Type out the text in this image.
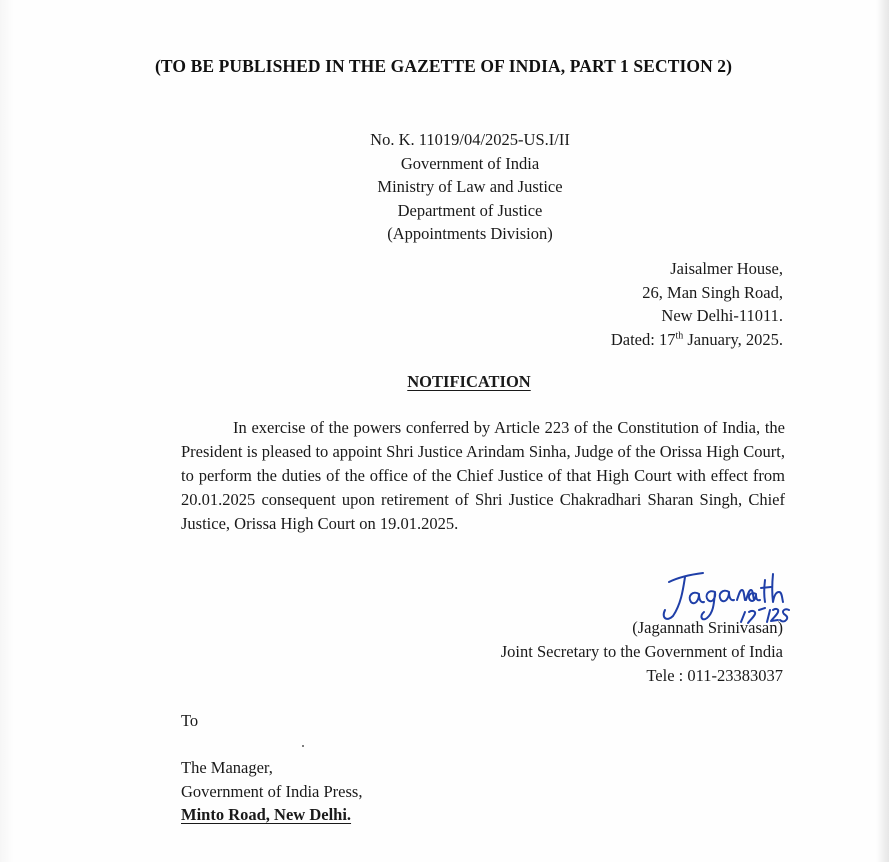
(TO BE PUBLISHED IN THE GAZETTE OF INDIA, PART 1 SECTION 2)
No. K. 11019/04/2025-US.I/II
Government of India
Ministry of Law and Justice
Department of Justice
(Appointments Division)
Jaisalmer House,
26, Man Singh Road,
New Delhi-11011.
Dated: 17th January, 2025.
NOTIFICATION
In exercise of the powers conferred by Article 223 of the Constitution of India, the President is pleased to appoint Shri Justice Arindam Sinha, Judge of the Orissa High Court, to perform the duties of the office of the Chief Justice of that High Court with effect from 20.01.2025 consequent upon retirement of Shri Justice Chakradhari Sharan Singh, Chief Justice, Orissa High Court on 19.01.2025.
(Jagannath Srinivasan)
Joint Secretary to the Government of India
Tele : 011-23383037
To
The Manager,
Government of India Press,
Minto Road, New Delhi.
